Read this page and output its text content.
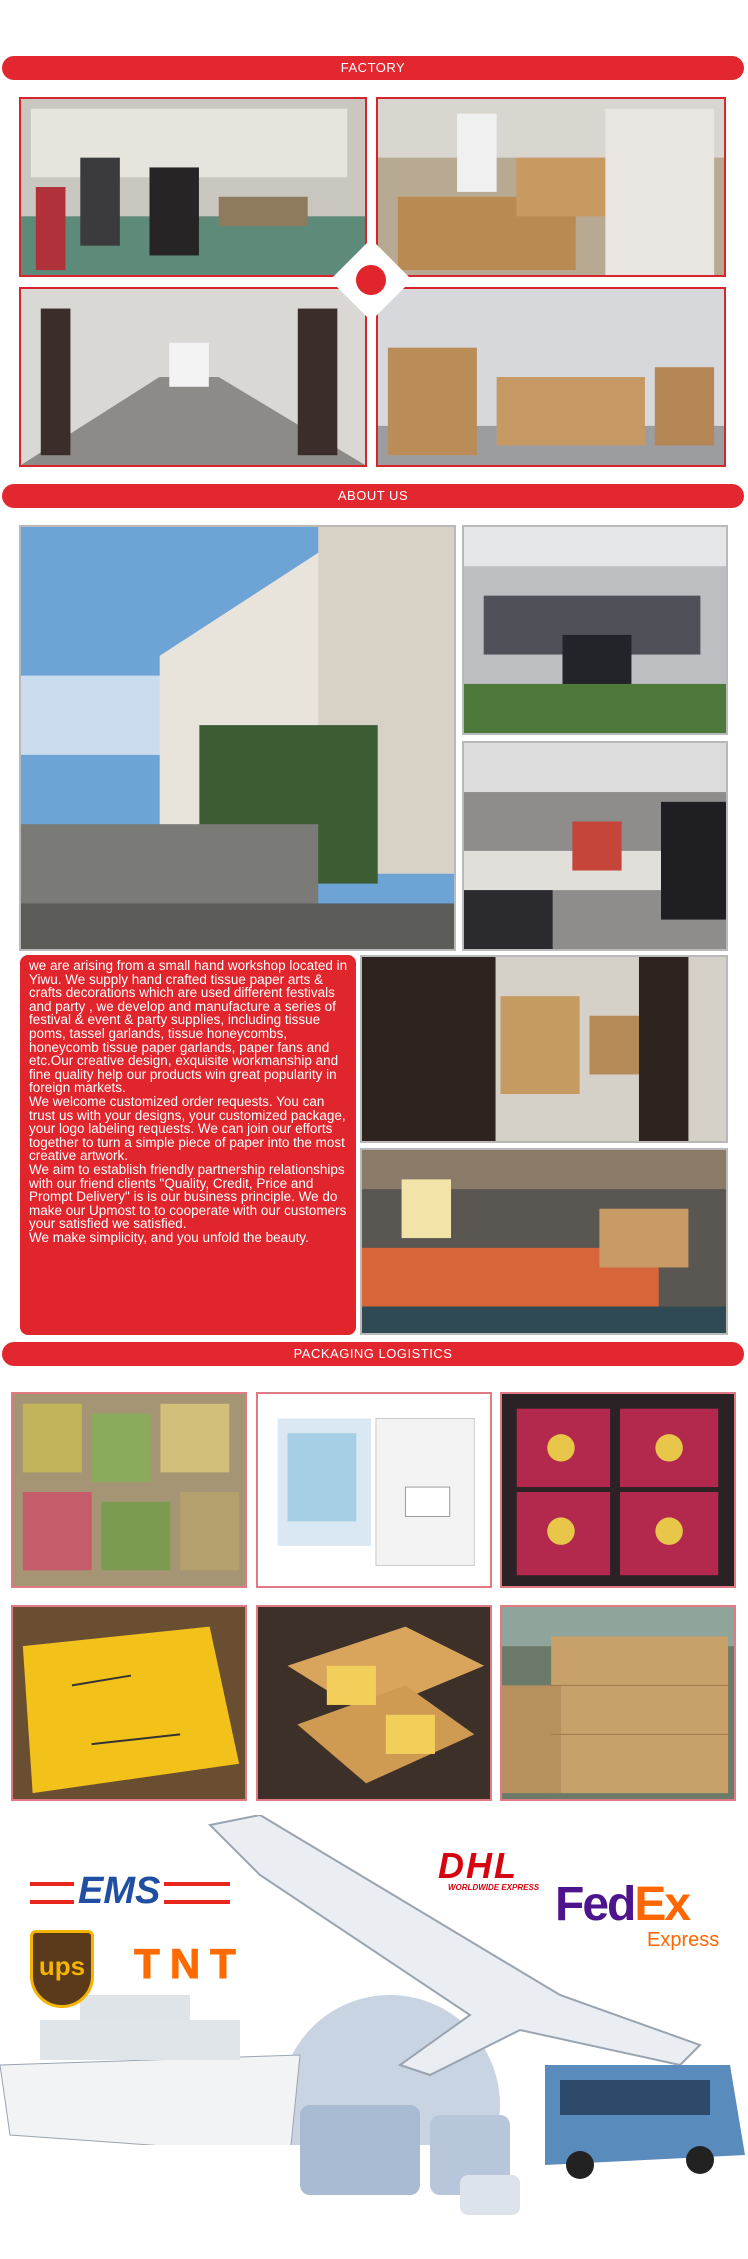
FACTORY
ABOUT US

we are arising from a small hand workshop located in Yiwu. We supply hand crafted tissue paper arts & crafts decorations which are used different festivals and party , we develop and manufacture a series of festival & event & party supplies, including tissue poms, tassel garlands, tissue honeycombs, honeycomb tissue paper garlands, paper fans and etc.Our creative design, exquisite workmanship and fine quality help our products win great popularity in foreign markets.

We welcome customized order requests. You can trust us with your designs, your customized package, your logo labeling requests. We can join our efforts together to turn a simple piece of paper into the most creative artwork.

We aim to establish friendly partnership relationships with our friend clients "Quality, Credit, Price and Prompt Delivery" is is our business principle. We do make our Upmost to to cooperate with our customers your satisfied we satisfied.

We make simplicity, and you unfold the beauty.

PACKAGING LOGISTICS
EMS
DHL
WORLDWIDE EXPRESS FedEx
Express
ups TNT
